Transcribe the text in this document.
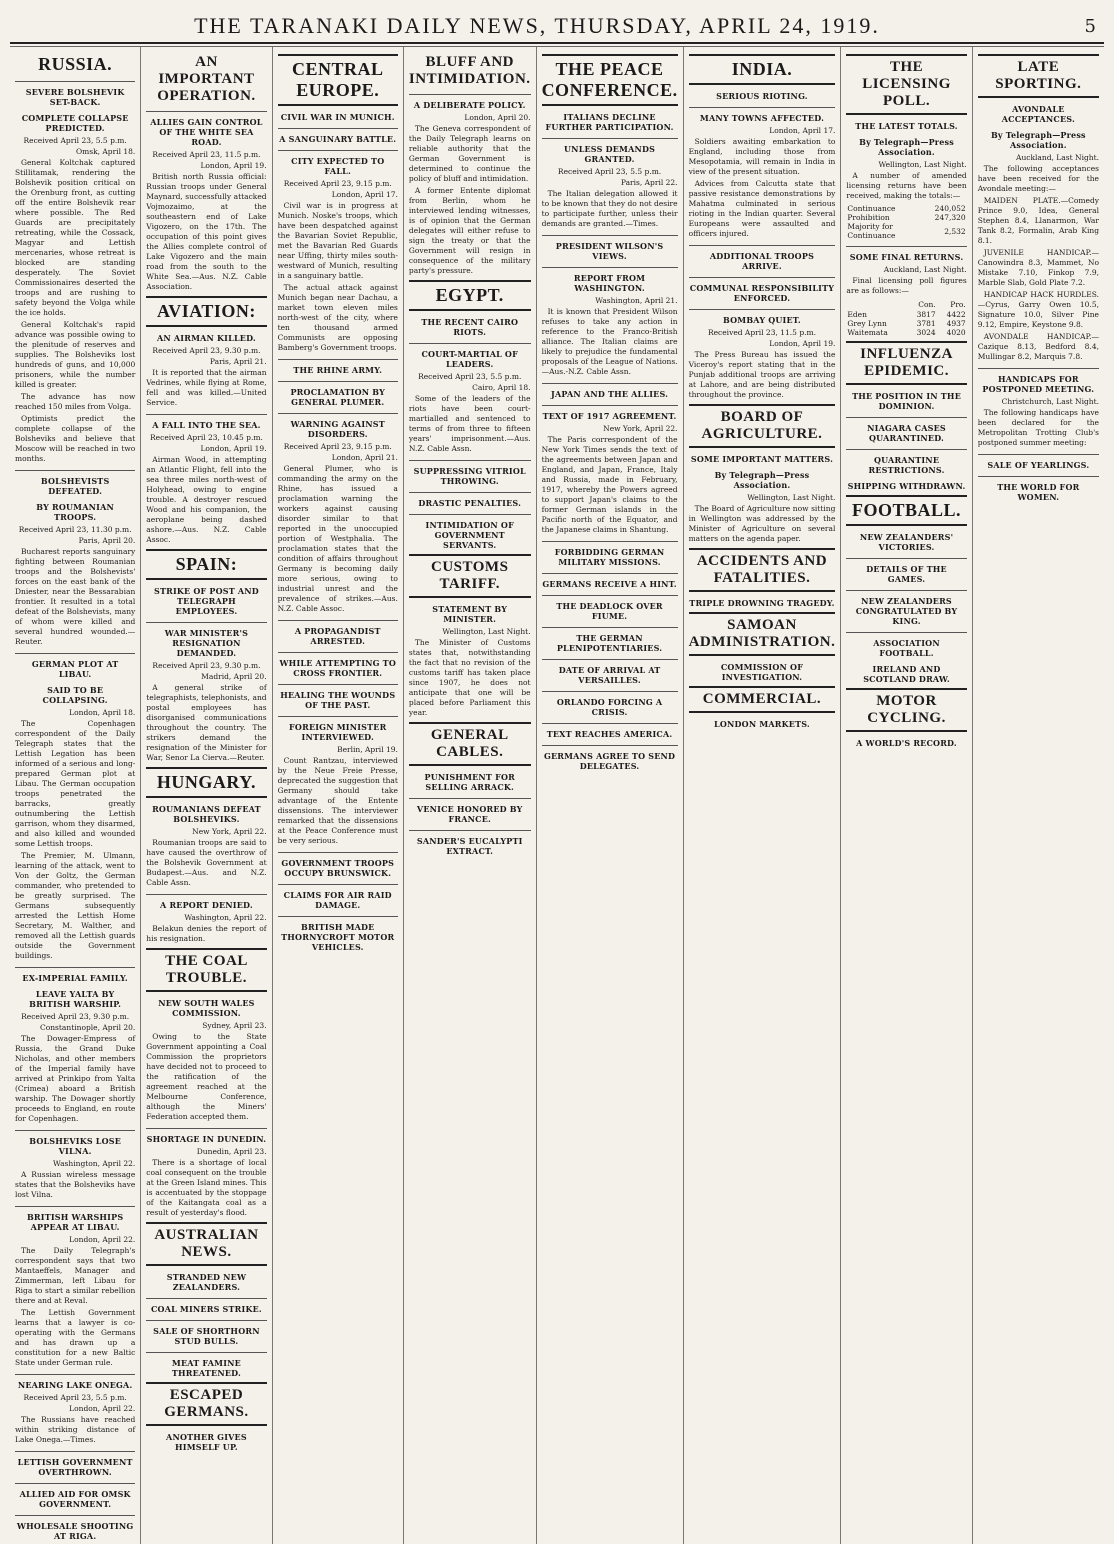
THE TARANAKI DAILY NEWS, THURSDAY, APRIL 24, 1919.	5
RUSSIA.
SEVERE BOLSHEVIK SET-BACK.
COMPLETE COLLAPSE PREDICTED.
Received April 23, 5.5 p.m.
Omsk, April 18.

General Koltchak captured Stillitamak, rendering the Bolshevik position critical on the Orenburg front, as cutting off the entire Bolshevik rear where possible. The Red Guards are precipitately retreating, while the Cossack, Magyar and Lettish mercenaries, whose retreat is blocked are standing desperately. The Soviet Commissionaires deserted the troops and are rushing to safety beyond the Volga while the ice holds.

General Koltchak's rapid advance was possible owing to the plenitude of reserves and supplies. The Bolsheviks lost hundreds of guns, and 10,000 prisoners, while the number killed is greater.

The advance has now reached 150 miles from Volga.

Optimists predict the complete collapse of the Bolsheviks and believe that Moscow will be reached in two months.

BOLSHEVISTS DEFEATED.
BY ROUMANIAN TROOPS.
Received April 23, 11.30 p.m.
Paris, April 20.

Bucharest reports sanguinary fighting between Roumanian troops and the Bolshevists' forces on the east bank of the Dniester, near the Bessarabian frontier. It resulted in a total defeat of the Bolshevists, many of whom were killed and several hundred wounded.—Reuter.

GERMAN PLOT AT LIBAU.
SAID TO BE COLLAPSING.
London, April 18.

The Copenhagen correspondent of the Daily Telegraph states that the Lettish Legation has been informed of a serious and long-prepared German plot at Libau. The German occupation troops penetrated the barracks, greatly outnumbering the Lettish garrison, whom they disarmed, and also killed and wounded some Lettish troops.

The Premier, M. Ulmann, learning of the attack, went to Von der Goltz, the German commander, who pretended to be greatly surprised. The Germans subsequently arrested the Lettish Home Secretary, M. Walther, and removed all the Lettish guards outside the Government buildings.

EX-IMPERIAL FAMILY.
LEAVE YALTA BY BRITISH WARSHIP.
Received April 23, 9.30 p.m.
Constantinople, April 20.

The Dowager-Empress of Russia, the Grand Duke Nicholas, and other members of the Imperial family have arrived at Prinkipo from Yalta (Crimea) aboard a British warship. The Dowager shortly proceeds to England, en route for Copenhagen.

BOLSHEVIKS LOSE VILNA.
Washington, April 22.

A Russian wireless message states that the Bolsheviks have lost Vilna.

BRITISH WARSHIPS APPEAR AT LIBAU.
London, April 22.

The Daily Telegraph's correspondent says that two Mantaeffels, Manager and Zimmerman, left Libau for Riga to start a similar rebellion there and at Reval.

The Lettish Government learns that a lawyer is co-operating with the Germans and has drawn up a constitution for a new Baltic State under German rule.

NEARING LAKE ONEGA.
Received April 23, 5.5 p.m.
London, April 22.

The Russians have reached within striking distance of Lake Onega.—Times.

LETTISH GOVERNMENT OVERTHROWN.
ALLIED AID FOR OMSK GOVERNMENT.
WHOLESALE SHOOTING AT RIGA.
AN IMPORTANT OPERATION.
ALLIES GAIN CONTROL OF THE WHITE SEA ROAD.
Received April 23, 11.5 p.m.
London, April 19.

British north Russia official: Russian troops under General Maynard, successfully attacked Vojmozaimo, at the southeastern end of Lake Vigozero, on the 17th. The occupation of this point gives the Allies complete control of Lake Vigozero and the main road from the south to the White Sea.—Aus. N.Z. Cable Association.

AVIATION:
AN AIRMAN KILLED.
Received April 23, 9.30 p.m.
Paris, April 21.

It is reported that the airman Vedrines, while flying at Rome, fell and was killed.—United Service.

A FALL INTO THE SEA.
Received April 23, 10.45 p.m.
London, April 19.

Airman Wood, in attempting an Atlantic Flight, fell into the sea three miles north-west of Holyhead, owing to engine trouble. A destroyer rescued Wood and his companion, the aeroplane being dashed ashore.—Aus. N.Z. Cable Assoc.

SPAIN:
STRIKE OF POST AND TELEGRAPH EMPLOYEES.
WAR MINISTER'S RESIGNATION DEMANDED.
Received April 23, 9.30 p.m.
Madrid, April 20.

A general strike of telegraphists, telephonists, and postal employees has disorganised communications throughout the country. The strikers demand the resignation of the Minister for War, Senor La Cierva.—Reuter.

HUNGARY.
ROUMANIANS DEFEAT BOLSHEVIKS.
New York, April 22.

Roumanian troops are said to have caused the overthrow of the Bolshevik Government at Budapest.—Aus. and N.Z. Cable Assn.

A REPORT DENIED.
Washington, April 22.

Belakun denies the report of his resignation.

THE COAL TROUBLE.
NEW SOUTH WALES COMMISSION.
Sydney, April 23.

Owing to the State Government appointing a Coal Commission the proprietors have decided not to proceed to the ratification of the agreement reached at the Melbourne Conference, although the Miners' Federation accepted them.

SHORTAGE IN DUNEDIN.
Dunedin, April 23.

There is a shortage of local coal consequent on the trouble at the Green Island mines. This is accentuated by the stoppage of the Kaitangata coal as a result of yesterday's flood.

AUSTRALIAN NEWS.
STRANDED NEW ZEALANDERS.
COAL MINERS STRIKE.
SALE OF SHORTHORN STUD BULLS.
MEAT FAMINE THREATENED.
ESCAPED GERMANS.
ANOTHER GIVES HIMSELF UP.
CENTRAL EUROPE.
CIVIL WAR IN MUNICH.
A SANGUINARY BATTLE.
CITY EXPECTED TO FALL.
Received April 23, 9.15 p.m.
London, April 17.

Civil war is in progress at Munich. Noske's troops, which have been despatched against the Bavarian Soviet Republic, met the Bavarian Red Guards near Uffing, thirty miles south-westward of Munich, resulting in a sanguinary battle.

The actual attack against Munich began near Dachau, a market town eleven miles north-west of the city, where ten thousand armed Communists are opposing Bamberg's Government troops.

THE RHINE ARMY.
PROCLAMATION BY GENERAL PLUMER.
WARNING AGAINST DISORDERS.
Received April 23, 9.15 p.m.
London, April 21.

General Plumer, who is commanding the army on the Rhine, has issued a proclamation warning the workers against causing disorder similar to that reported in the unoccupied portion of Westphalia. The proclamation states that the condition of affairs throughout Germany is becoming daily more serious, owing to industrial unrest and the prevalence of strikes.—Aus. N.Z. Cable Assoc.

A PROPAGANDIST ARRESTED.
WHILE ATTEMPTING TO CROSS FRONTIER.
HEALING THE WOUNDS OF THE PAST.
FOREIGN MINISTER INTERVIEWED.
Berlin, April 19.

Count Rantzau, interviewed by the Neue Freie Presse, deprecated the suggestion that Germany should take advantage of the Entente dissensions. The interviewer remarked that the dissensions at the Peace Conference must be very serious.

GOVERNMENT TROOPS OCCUPY BRUNSWICK.
CLAIMS FOR AIR RAID DAMAGE.
BRITISH MADE THORNYCROFT MOTOR VEHICLES.
BLUFF AND INTIMIDATION.
A DELIBERATE POLICY.
London, April 20.

The Geneva correspondent of the Daily Telegraph learns on reliable authority that the German Government is determined to continue the policy of bluff and intimidation.

A former Entente diplomat from Berlin, whom he interviewed lending witnesses, is of opinion that the German delegates will either refuse to sign the treaty or that the Government will resign in consequence of the military party's pressure.

EGYPT.
THE RECENT CAIRO RIOTS.
COURT-MARTIAL OF LEADERS.
Received April 23, 5.5 p.m.
Cairo, April 18.

Some of the leaders of the riots have been court-martialled and sentenced to terms of from three to fifteen years' imprisonment.—Aus. N.Z. Cable Assn.

SUPPRESSING VITRIOL THROWING.
DRASTIC PENALTIES.
INTIMIDATION OF GOVERNMENT SERVANTS.
CUSTOMS TARIFF.
STATEMENT BY MINISTER.
Wellington, Last Night.

The Minister of Customs states that, notwithstanding the fact that no revision of the customs tariff has taken place since 1907, he does not anticipate that one will be placed before Parliament this year.

GENERAL CABLES.
PUNISHMENT FOR SELLING ARRACK.
VENICE HONORED BY FRANCE.
SANDER'S EUCALYPTI EXTRACT.
THE PEACE CONFERENCE.
ITALIANS DECLINE FURTHER PARTICIPATION.
UNLESS DEMANDS GRANTED.
Received April 23, 5.5 p.m.
Paris, April 22.

The Italian delegation allowed it to be known that they do not desire to participate further, unless their demands are granted.—Times.

PRESIDENT WILSON'S VIEWS.
REPORT FROM WASHINGTON.
Washington, April 21.

It is known that President Wilson refuses to take any action in reference to the Franco-British alliance. The Italian claims are likely to prejudice the fundamental proposals of the League of Nations.—Aus.-N.Z. Cable Assn.

JAPAN AND THE ALLIES.
TEXT OF 1917 AGREEMENT.
New York, April 22.

The Paris correspondent of the New York Times sends the text of the agreements between Japan and England, and Japan, France, Italy and Russia, made in February, 1917, whereby the Powers agreed to support Japan's claims to the former German islands in the Pacific north of the Equator, and the Japanese claims in Shantung.

FORBIDDING GERMAN MILITARY MISSIONS.
GERMANS RECEIVE A HINT.
THE DEADLOCK OVER FIUME.
THE GERMAN PLENIPOTENTIARIES.
DATE OF ARRIVAL AT VERSAILLES.
ORLANDO FORCING A CRISIS.
TEXT REACHES AMERICA.
GERMANS AGREE TO SEND DELEGATES.
INDIA.
SERIOUS RIOTING.
MANY TOWNS AFFECTED.
London, April 17.

Soldiers awaiting embarkation to England, including those from Mesopotamia, will remain in India in view of the present situation.

Advices from Calcutta state that passive resistance demonstrations by Mahatma culminated in serious rioting in the Indian quarter. Several Europeans were assaulted and officers injured.

ADDITIONAL TROOPS ARRIVE.
COMMUNAL RESPONSIBILITY ENFORCED.
BOMBAY QUIET.
Received April 23, 11.5 p.m.
London, April 19.

The Press Bureau has issued the Viceroy's report stating that in the Punjab additional troops are arriving at Lahore, and are being distributed throughout the province.

BOARD OF AGRICULTURE.
SOME IMPORTANT MATTERS.
By Telegraph—Press Association.
Wellington, Last Night.

The Board of Agriculture now sitting in Wellington was addressed by the Minister of Agriculture on several matters on the agenda paper.

ACCIDENTS AND FATALITIES.
TRIPLE DROWNING TRAGEDY.
SAMOAN ADMINISTRATION.
COMMISSION OF INVESTIGATION.
COMMERCIAL.
LONDON MARKETS.
THE LICENSING POLL.
THE LATEST TOTALS.
By Telegraph—Press Association.
Wellington, Last Night.

A number of amended licensing returns have been received, making the totals:—

Continuance	240,052
Prohibition	247,320
Majority for Continuance	2,532
SOME FINAL RETURNS.
Auckland, Last Night.

Final licensing poll figures are as follows:—

	Con.	Pro.
Eden	3817	4422
Grey Lynn	3781	4937
Waitemata	3024	4020
INFLUENZA EPIDEMIC.
THE POSITION IN THE DOMINION.
NIAGARA CASES QUARANTINED.
QUARANTINE RESTRICTIONS.
SHIPPING WITHDRAWN.
FOOTBALL.
NEW ZEALANDERS' VICTORIES.
DETAILS OF THE GAMES.
NEW ZEALANDERS CONGRATULATED BY KING.
ASSOCIATION FOOTBALL.
IRELAND AND SCOTLAND DRAW.
MOTOR CYCLING.
A WORLD'S RECORD.
LATE SPORTING.
AVONDALE ACCEPTANCES.
By Telegraph—Press Association.
Auckland, Last Night.

The following acceptances have been received for the Avondale meeting:—

MAIDEN PLATE.—Comedy Prince 9.0, Idea, General Stephen 8.4, Llanarmon, War Tank 8.2, Formalin, Arab King 8.1.

JUVENILE HANDICAP.—Canowindra 8.3, Mammet, No Mistake 7.10, Finkop 7.9, Marble Slab, Gold Plate 7.2.

HANDICAP HACK HURDLES.—Cyrus, Garry Owen 10.5, Signature 10.0, Silver Pine 9.12, Empire, Keystone 9.8.

AVONDALE HANDICAP.—Cazique 8.13, Bedford 8.4, Mullingar 8.2, Marquis 7.8.

HANDICAPS FOR POSTPONED MEETING.
Christchurch, Last Night.

The following handicaps have been declared for the Metropolitan Trotting Club's postponed summer meeting:

SALE OF YEARLINGS.
THE WORLD FOR WOMEN.
